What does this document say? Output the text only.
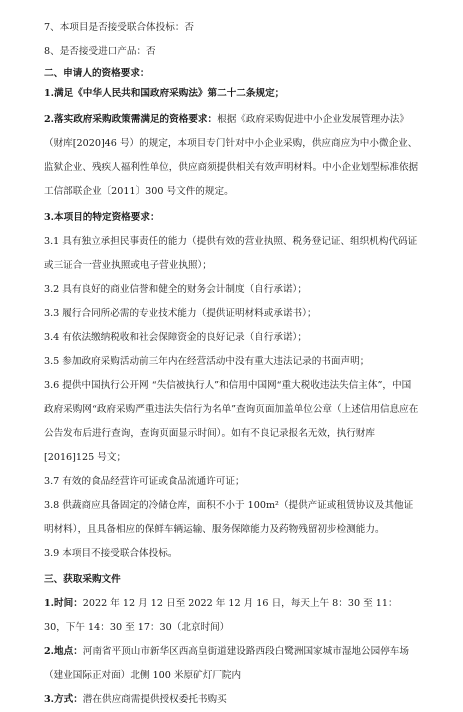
7、本项目是否接受联合体投标：否
8、是否接受进口产品：否
二、申请人的资格要求：
1.满足《中华人民共和国政府采购法》第二十二条规定；
2.落实政府采购政策需满足的资格要求：根据《政府采购促进中小企业发展管理办法》（财库[2020]46 号）的规定，本项目专门针对中小企业采购，供应商应为中小微企业、监狱企业、残疾人福利性单位，供应商须提供相关有效声明材料。中小企业划型标准依据工信部联企业〔2011〕300 号文件的规定。
3.本项目的特定资格要求：
3.1 具有独立承担民事责任的能力（提供有效的营业执照、税务登记证、组织机构代码证或三证合一营业执照或电子营业执照）；
3.2 具有良好的商业信誉和健全的财务会计制度（自行承诺）；
3.3 履行合同所必需的专业技术能力（提供证明材料或承诺书）；
3.4 有依法缴纳税收和社会保障资金的良好记录（自行承诺）；
3.5 参加政府采购活动前三年内在经营活动中没有重大违法记录的书面声明；
3.6 提供中国执行公开网 “失信被执行人”和信用中国网“重大税收违法失信主体”，中国政府采购网“政府采购严重违法失信行为名单”查询页面加盖单位公章（上述信用信息应在公告发布后进行查询，查询页面显示时间）。如有不良记录报名无效，执行财库[2016]125 号文；
3.7 有效的食品经营许可证或食品流通许可证；
3.8 供蔬商应具备固定的冷储仓库，面积不小于 100m²（提供产证或租赁协议及其他证明材料），且具备相应的保鲜车辆运输、服务保障能力及药物残留初步检测能力。
3.9 本项目不接受联合体投标。
三、获取采购文件
1.时间：2022 年 12 月 12 日至 2022 年 12 月 16 日，每天上午 8：30 至 11：30，下午 14：30 至 17：30（北京时间）
2.地点：河南省平顶山市新华区西高皇街道建设路西段白鹭洲国家城市湿地公园停车场（建业国际正对面）北侧 100 米原矿灯厂院内
3.方式：潜在供应商需提供授权委托书购买
